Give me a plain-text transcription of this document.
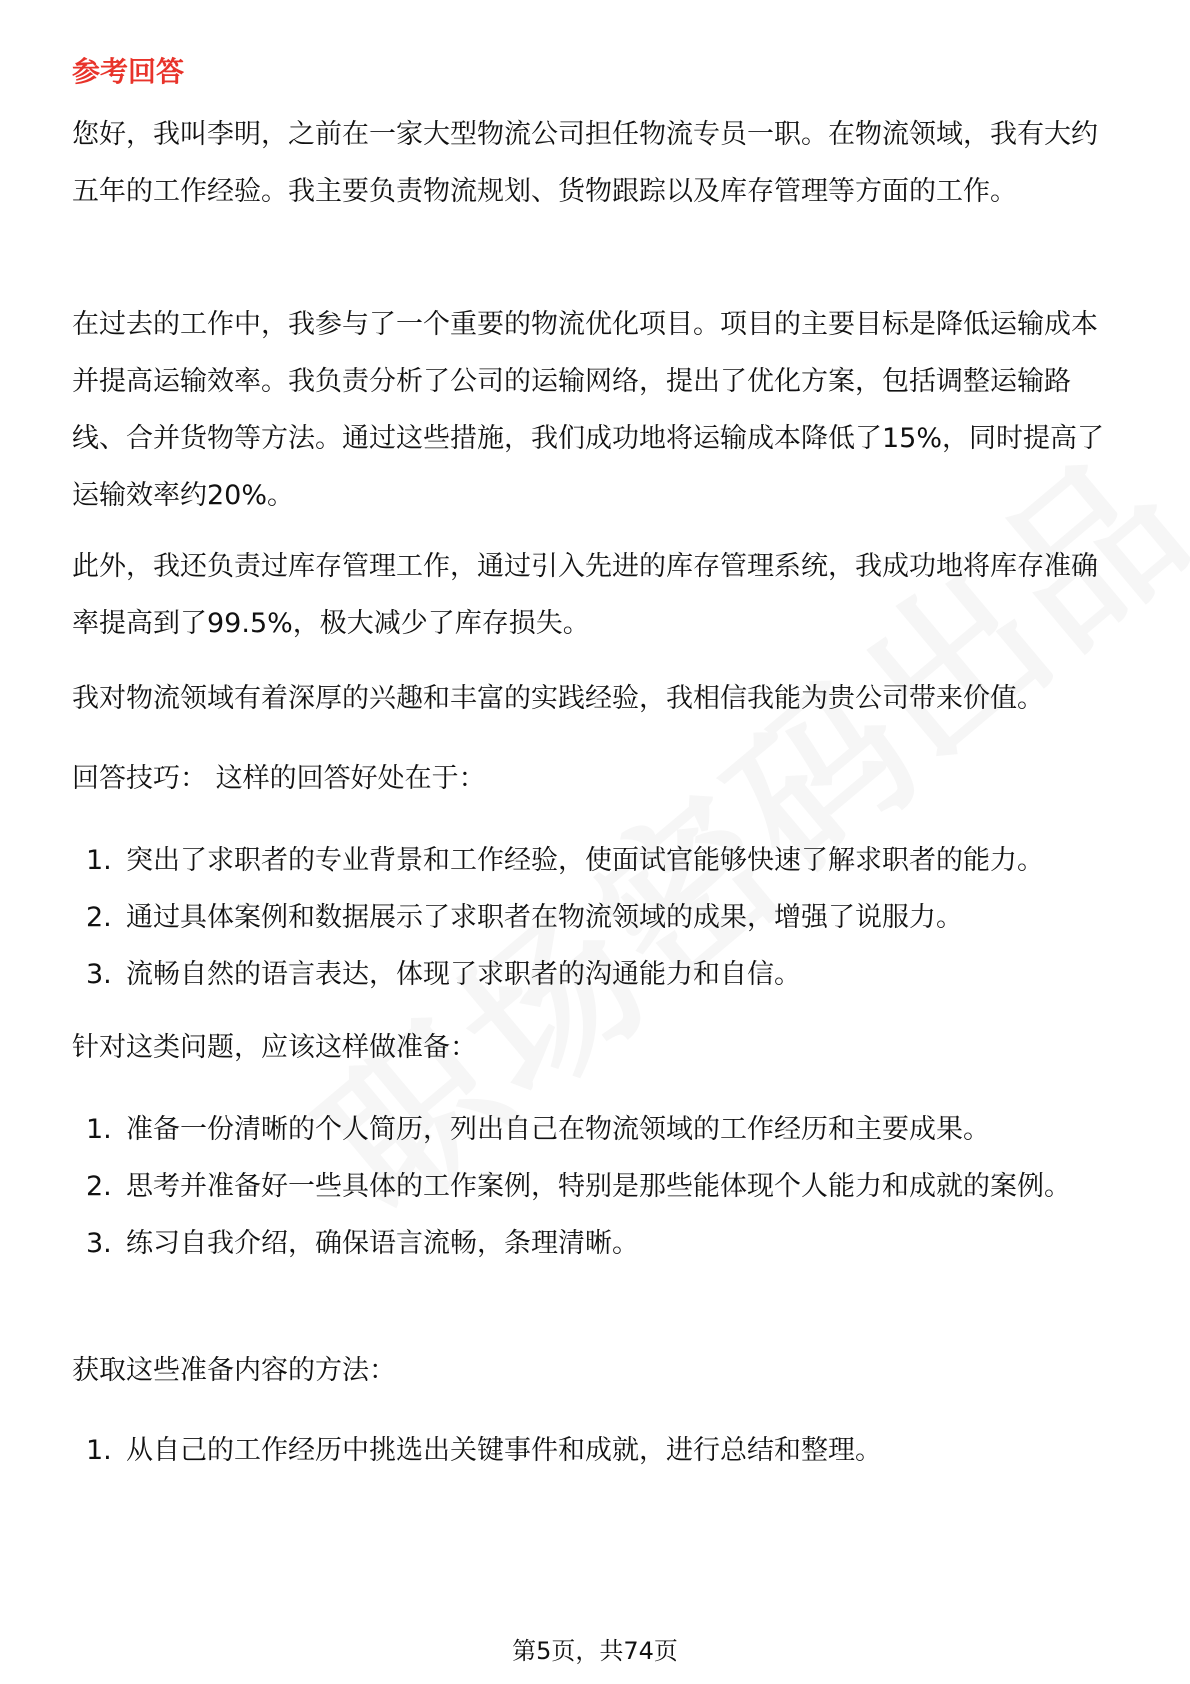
参考回答

您好，我叫李明，之前在一家大型物流公司担任物流专员一职。在物流领域，我有大约五年的工作经验。我主要负责物流规划、货物跟踪以及库存管理等方面的工作。

在过去的工作中，我参与了一个重要的物流优化项目。项目的主要目标是降低运输成本并提高运输效率。我负责分析了公司的运输网络，提出了优化方案，包括调整运输路线、合并货物等方法。通过这些措施，我们成功地将运输成本降低了15%，同时提高了运输效率约20%。

此外，我还负责过库存管理工作，通过引入先进的库存管理系统，我成功地将库存准确率提高到了99.5%，极大减少了库存损失。

我对物流领域有着深厚的兴趣和丰富的实践经验，我相信我能为贵公司带来价值。

回答技巧： 这样的回答好处在于：

1. 突出了求职者的专业背景和工作经验，使面试官能够快速了解求职者的能力。
2. 通过具体案例和数据展示了求职者在物流领域的成果，增强了说服力。
3. 流畅自然的语言表达，体现了求职者的沟通能力和自信。

针对这类问题，应该这样做准备：

1. 准备一份清晰的个人简历，列出自己在物流领域的工作经历和主要成果。
2. 思考并准备好一些具体的工作案例，特别是那些能体现个人能力和成就的案例。
3. 练习自我介绍，确保语言流畅，条理清晰。

获取这些准备内容的方法：

1. 从自己的工作经历中挑选出关键事件和成就，进行总结和整理。
第5页，共74页
